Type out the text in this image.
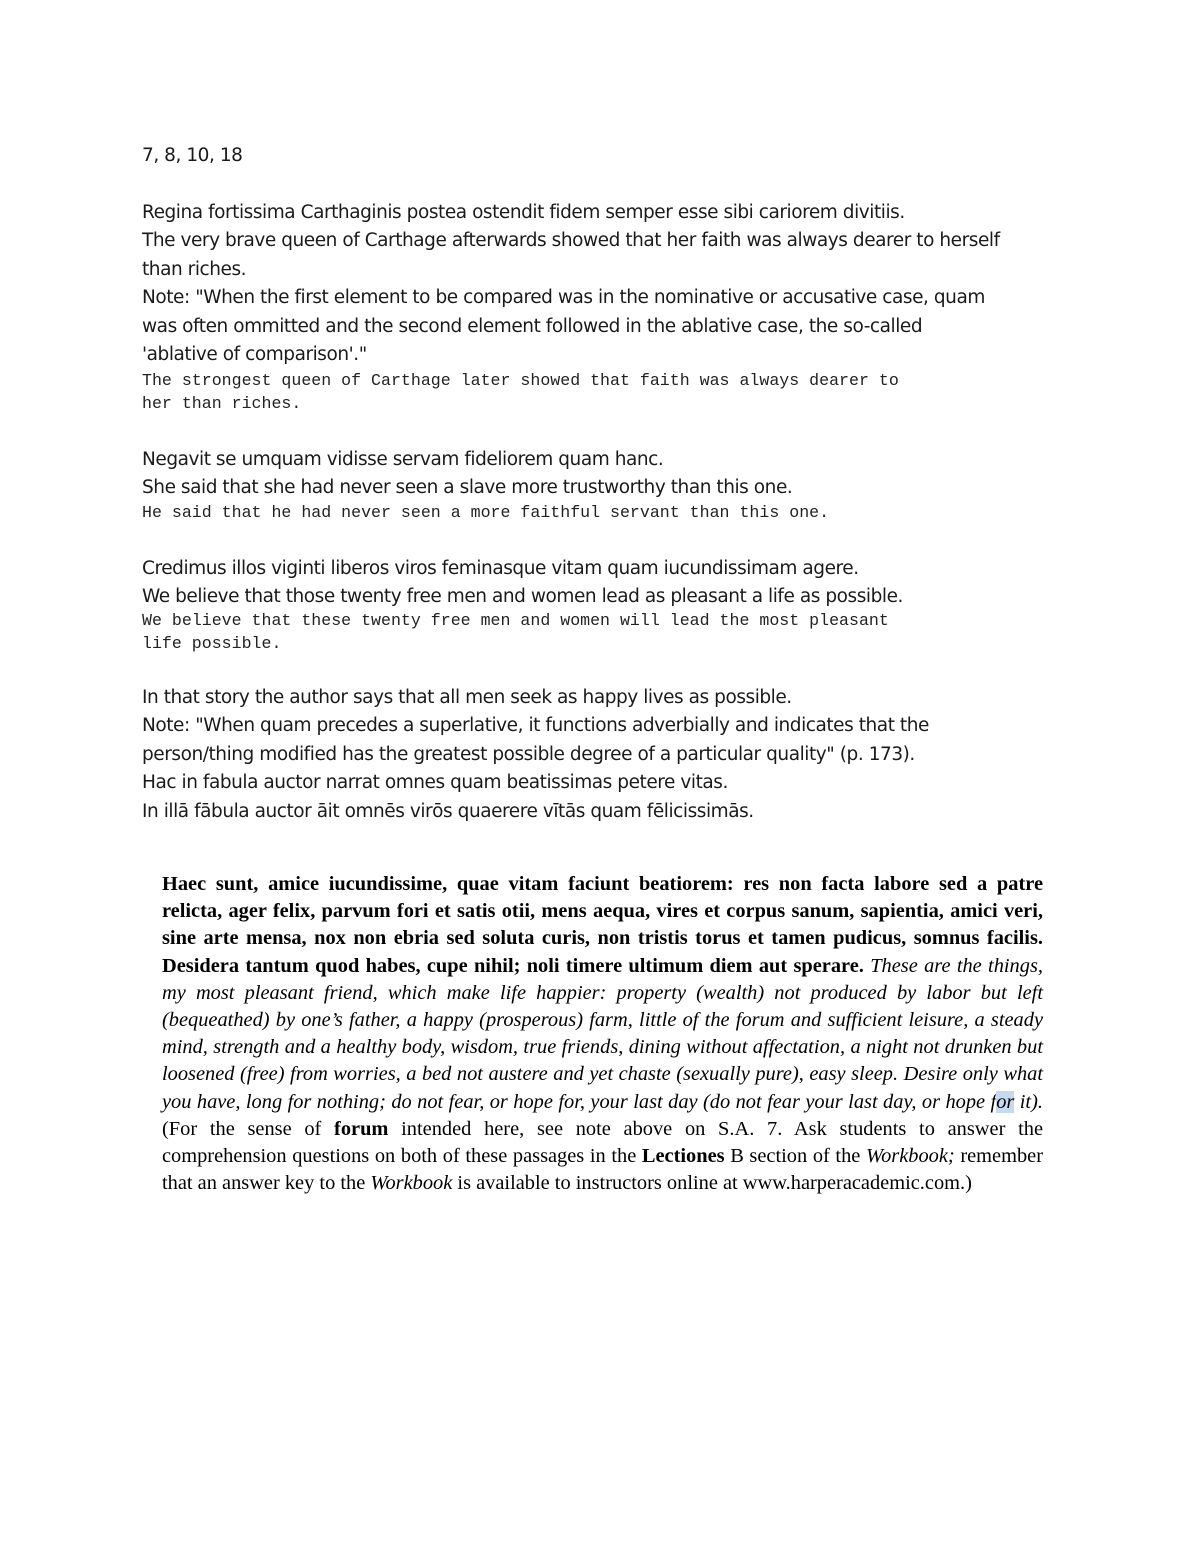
7, 8, 10, 18
Regina fortissima Carthaginis postea ostendit fidem semper esse sibi cariorem divitiis.
The very brave queen of Carthage afterwards showed that her faith was always dearer to herself
than riches.
Note: "When the first element to be compared was in the nominative or accusative case, quam
was often ommitted and the second element followed in the ablative case, the so-called
'ablative of comparison'."
The strongest queen of Carthage later showed that faith was always dearer to
her than riches.
Negavit se umquam vidisse servam fideliorem quam hanc.
She said that she had never seen a slave more trustworthy than this one.
He said that he had never seen a more faithful servant than this one.
Credimus illos viginti liberos viros feminasque vitam quam iucundissimam agere.
We believe that those twenty free men and women lead as pleasant a life as possible.
We believe that these twenty free men and women will lead the most pleasant
life possible.
In that story the author says that all men seek as happy lives as possible.
Note: "When quam precedes a superlative, it functions adverbially and indicates that the
person/thing modified has the greatest possible degree of a particular quality" (p. 173).
Hac in fabula auctor narrat omnes quam beatissimas petere vitas.
In illā fābula auctor āit omnēs virōs quaerere vītās quam fēlicissimās.
Haec sunt, amice iucundissime, quae vitam faciunt beatiorem: res non facta labore sed a patre relicta, ager felix, parvum fori et satis otii, mens aequa, vires et corpus sanum, sapientia, amici veri, sine arte mensa, nox non ebria sed soluta curis, non tristis torus et tamen pudicus, somnus facilis. Desidera tantum quod habes, cupe nihil; noli timere ultimum diem aut sperare. These are the things, my most pleasant friend, which make life happier: property (wealth) not produced by labor but left (bequeathed) by one’s father, a happy (prosperous) farm, little of the forum and sufficient leisure, a steady mind, strength and a healthy body, wisdom, true friends, dining without affectation, a night not drunken but loosened (free) from worries, a bed not austere and yet chaste (sexually pure), easy sleep. Desire only what you have, long for nothing; do not fear, or hope for, your last day (do not fear your last day, or hope for it). (For the sense of forum intended here, see note above on S.A. 7. Ask students to answer the comprehension questions on both of these passages in the Lectiones B section of the Workbook; remember that an answer key to the Workbook is available to instructors online at www.harperacademic.com.)
